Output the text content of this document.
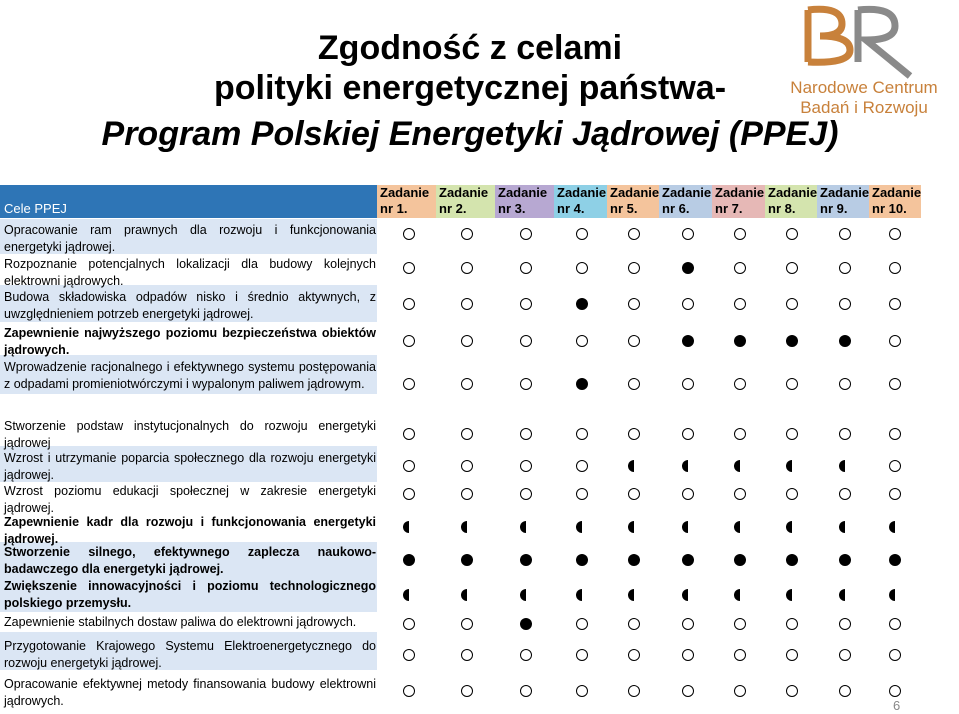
Zgodność z celami
polityki energetycznej państwa-
Program Polskiej Energetyki Jądrowej (PPEJ)
Narodowe Centrum
Badań i Rozwoju
Cele PPEJ
Zadanie
nr 1.
Zadanie
nr 2.
Zadanie
nr 3.
Zadanie
nr 4.
Zadanie
nr 5.
Zadanie
nr 6.
Zadanie
nr 7.
Zadanie
nr 8.
Zadanie
nr 9.
Zadanie
nr 10.
Opracowanie ram prawnych dla rozwoju i funkcjonowania energetyki jądrowej.
Rozpoznanie potencjalnych lokalizacji dla budowy kolejnych elektrowni jądrowych.
Budowa składowiska odpadów nisko i średnio aktywnych, z uwzględnieniem potrzeb energetyki jądrowej.
Zapewnienie najwyższego poziomu bezpieczeństwa obiektów jądrowych.
Wprowadzenie racjonalnego i efektywnego systemu postępowania z odpadami promieniotwórczymi i wypalonym paliwem jądrowym.
Stworzenie podstaw instytucjonalnych do rozwoju energetyki jądrowej
Wzrost i utrzymanie poparcia społecznego dla rozwoju energetyki jądrowej.
Wzrost poziomu edukacji społecznej w zakresie energetyki jądrowej.
Zapewnienie kadr dla rozwoju i funkcjonowania energetyki jądrowej.
Stworzenie silnego, efektywnego zaplecza naukowo-badawczego dla energetyki jądrowej.
Zwiększenie innowacyjności i poziomu technologicznego polskiego przemysłu.
Zapewnienie stabilnych dostaw paliwa do elektrowni jądrowych.
Przygotowanie Krajowego Systemu Elektroenergetycznego do rozwoju energetyki jądrowej.
Opracowanie efektywnej metody finansowania budowy elektrowni jądrowych.	6
